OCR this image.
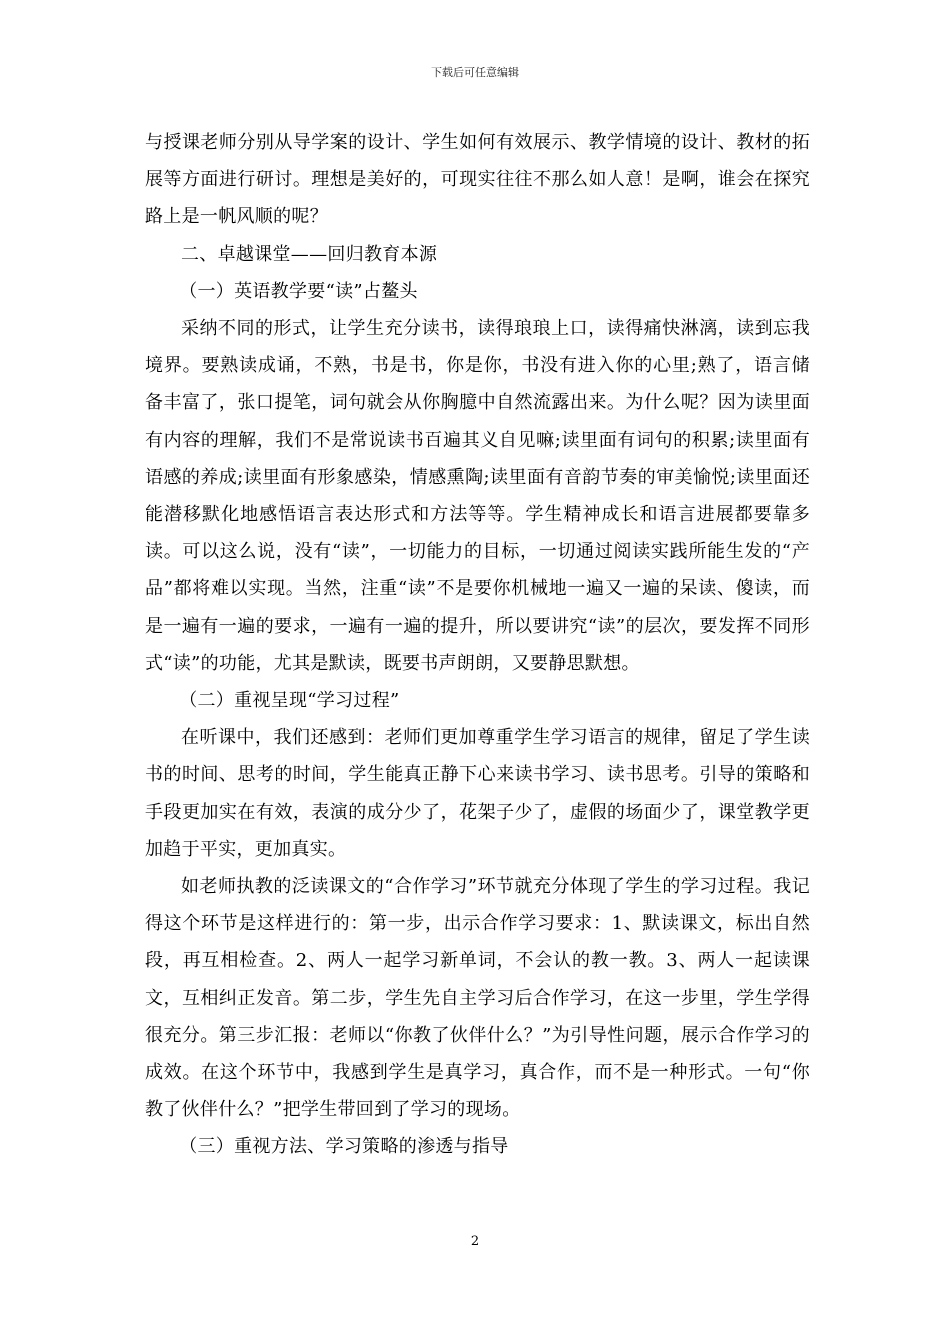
下载后可任意编辑

与授课老师分别从导学案的设计、学生如何有效展示、教学情境的设计、教材的拓展等方面进行研讨。理想是美好的，可现实往往不那么如人意！是啊，谁会在探究路上是一帆风顺的呢？

二、卓越课堂——回归教育本源

（一）英语教学要“读”占鳌头

采纳不同的形式，让学生充分读书，读得琅琅上口，读得痛快淋漓，读到忘我境界。要熟读成诵，不熟，书是书，你是你，书没有进入你的心里;熟了，语言储备丰富了，张口提笔，词句就会从你胸臆中自然流露出来。为什么呢？因为读里面有内容的理解，我们不是常说读书百遍其义自见嘛;读里面有词句的积累;读里面有语感的养成;读里面有形象感染，情感熏陶;读里面有音韵节奏的审美愉悦;读里面还能潜移默化地感悟语言表达形式和方法等等。学生精神成长和语言进展都要靠多读。可以这么说，没有“读”，一切能力的目标，一切通过阅读实践所能生发的“产品”都将难以实现。当然，注重“读”不是要你机械地一遍又一遍的呆读、傻读，而是一遍有一遍的要求，一遍有一遍的提升，所以要讲究“读”的层次，要发挥不同形式“读”的功能，尤其是默读，既要书声朗朗，又要静思默想。

（二）重视呈现“学习过程”

在听课中，我们还感到：老师们更加尊重学生学习语言的规律，留足了学生读书的时间、思考的时间，学生能真正静下心来读书学习、读书思考。引导的策略和手段更加实在有效，表演的成分少了，花架子少了，虚假的场面少了，课堂教学更加趋于平实，更加真实。

如老师执教的泛读课文的“合作学习”环节就充分体现了学生的学习过程。我记得这个环节是这样进行的：第一步，出示合作学习要求：1、默读课文，标出自然段，再互相检查。2、两人一起学习新单词，不会认的教一教。3、两人一起读课文，互相纠正发音。第二步，学生先自主学习后合作学习，在这一步里，学生学得很充分。第三步汇报：老师以“你教了伙伴什么？”为引导性问题，展示合作学习的成效。在这个环节中，我感到学生是真学习，真合作，而不是一种形式。一句“你教了伙伴什么？”把学生带回到了学习的现场。

（三）重视方法、学习策略的渗透与指导

2
